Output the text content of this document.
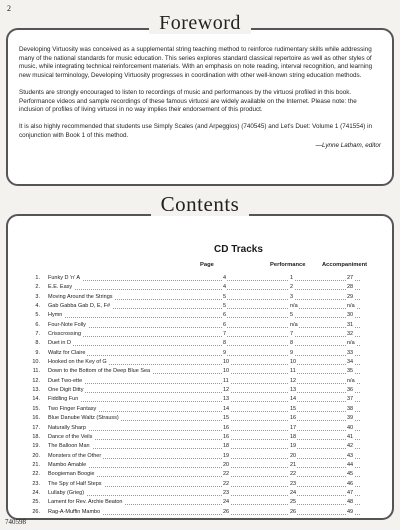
2

Developing Virtuosity was conceived as a supplemental string teaching method to reinforce rudimentary skills while addressing many of the national standards for music education. This series explores standard classical repertoire as well as other styles of music, while integrating technical reinforcement materials. With an emphasis on note reading, interval recognition, and learning new musical terminology, Developing Virtuosity progresses in coordination with other well-known string education methods.

Students are strongly encouraged to listen to recordings of music and performances by the virtuosi profiled in this book. Performance videos and sample recordings of these famous virtuosi are widely available on the Internet. Please note: the inclusion of profiles of living virtuosi in no way implies their endorsement of this product.

It is also highly recommended that students use Simply Scales (and Arpeggios) (740545) and Let's Duet: Volume 1 (741554) in conjunction with Book 1 of this method.

—Lynne Latham, editor
Foreword
Contents
CD Tracks
Page	Performance	Accompaniment
1. Funky D 'n' A	4	1	27
2. E.E. Easy	4	2	28
3. Moving Around the Strings	5	3	29
4. Gab Gabba Gab D, E, F#	5	n/a	n/a
5. Hymn	6	5	30
6. Four-Note Folly	6	n/a	31
7. Crisscrossing	7	7	32
8. Duet in D	8	8	n/a
9. Waltz for Claire	9	9	33
10. Hooked on the Key of G	10	10	34
11. Down to the Bottom of the Deep Blue Sea	10	11	35
12. Duet Two-ette	11	12	n/a
13. One Digit Ditty	12	13	36
14. Fiddling Fun	13	14	37
15. Two Finger Fantasy	14	15	38
16. Blue Danube Waltz (Strauss)	15	16	39
17. Naturally Sharp	16	17	40
18. Dance of the Veils	16	18	41
19. The Balloon Man	18	19	42
20. Monsters of the Other	19	20	43
21. Mambo Amable	20	21	44
22. Boogieman Boogie	22	22	45
23. The Spy of Half Steps	22	23	46
24. Lullaby (Grieg)	23	24	47
25. Lament for Rev. Archie Beaton	24	25	48
26. Rag-A-Muffin Mambo	26	26	49
740598
